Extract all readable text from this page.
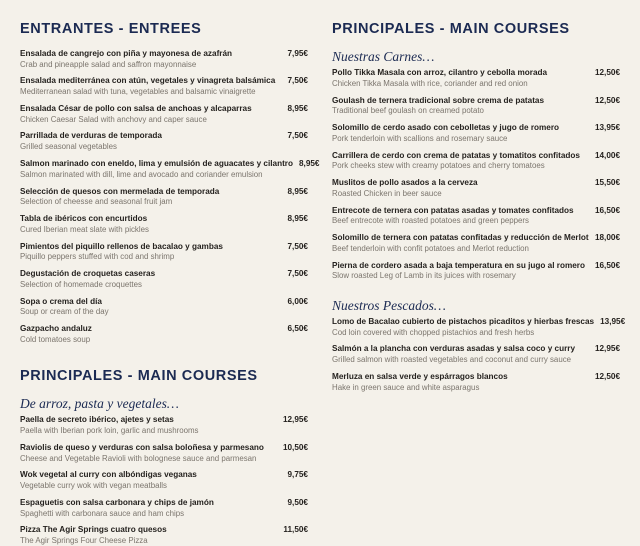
ENTRANTES - ENTREES
Ensalada de cangrejo con piña y mayonesa de azafrán	7,95€
Crab and pineapple salad and saffron mayonnaise
Ensalada mediterránea con atún, vegetales y vinagreta balsámica 7,50€
Mediterranean salad with tuna, vegetables and balsamic vinaigrette
Ensalada César de pollo con salsa de anchoas y alcaparras	8,95€
Chicken Caesar Salad with anchovy and caper sauce
Parrillada de verduras de temporada	7,50€
Grilled seasonal vegetables
Salmon marinado con eneldo, lima y emulsión de aguacates y cilantro 8,95€
Salmon marinated with dill, lime and avocado and coriander emulsion
Selección de quesos con mermelada de temporada	8,95€
Selection of cheesse and seasonal fruit jam
Tabla de ibéricos con encurtidos	8,95€
Cured Iberian meat slate with pickles
Pimientos del piquillo rellenos de bacalao y gambas	7,50€
Piquillo peppers stuffed with cod and shrimp
Degustación de croquetas caseras	7,50€
Selection of homemade croquettes
Sopa o crema del día	6,00€
Soup or cream of the day
Gazpacho andaluz	6,50€
Cold tomatoes soup
PRINCIPALES - MAIN COURSES
De arroz, pasta y vegetales…
Paella de secreto ibérico, ajetes y setas	12,95€
Paella with Iberian pork loin, garlic and mushrooms
Raviolis de queso y verduras con salsa boloñesa y parmesano 10,50€
Cheese and Vegetable Ravioli with bolognese sauce and parmesan
Wok vegetal al curry con albóndigas veganas	9,75€
Vegetable curry wok with vegan meatballs
Espaguetis con salsa carbonara y chips de jamón	9,50€
Spaghetti with carbonara sauce and ham chips
Pizza The Agir Springs cuatro quesos	11,50€
The Agir Springs Four Cheese Pizza
PRINCIPALES - MAIN COURSES
Nuestras Carnes…
Pollo Tikka Masala con arroz, cilantro y cebolla morada	12,50€
Chicken Tikka Masala with rice, coriander and red onion
Goulash de ternera tradicional sobre crema de patatas	12,50€
Traditional beef goulash on creamed potato
Solomillo de cerdo asado con cebolletas y jugo de romero	13,95€
Pork tenderloin with scallions and rosemary sauce
Carrillera de cerdo con crema de patatas y tomatitos confitados 14,00€
Pork cheeks stew with creamy potatoes and cherry tomatoes
Muslitos de pollo asados a la cerveza	15,50€
Roasted Chicken in beer sauce
Entrecote de ternera con patatas asadas y tomates confitados	16,50€
Beef entrecote with roasted potatoes and green peppers
Solomillo de ternera con patatas confitadas y reducción de Merlot 18,00€
Beef tenderloin with confit potatoes and Merlot reduction
Pierna de cordero asada a baja temperatura en su jugo al romero 16,50€
Slow roasted Leg of Lamb in its juices with rosemary
Nuestros Pescados…
Lomo de Bacalao cubierto de pistachos picaditos y hierbas frescas 13,95€
Cod loin covered with chopped pistachios and fresh herbs
Salmón a la plancha con verduras asadas y salsa coco y curry 12,95€
Grilled salmon with roasted vegetables and coconut and curry sauce
Merluza en salsa verde y espárragos blancos	12,50€
Hake in green sauce and white asparagus
